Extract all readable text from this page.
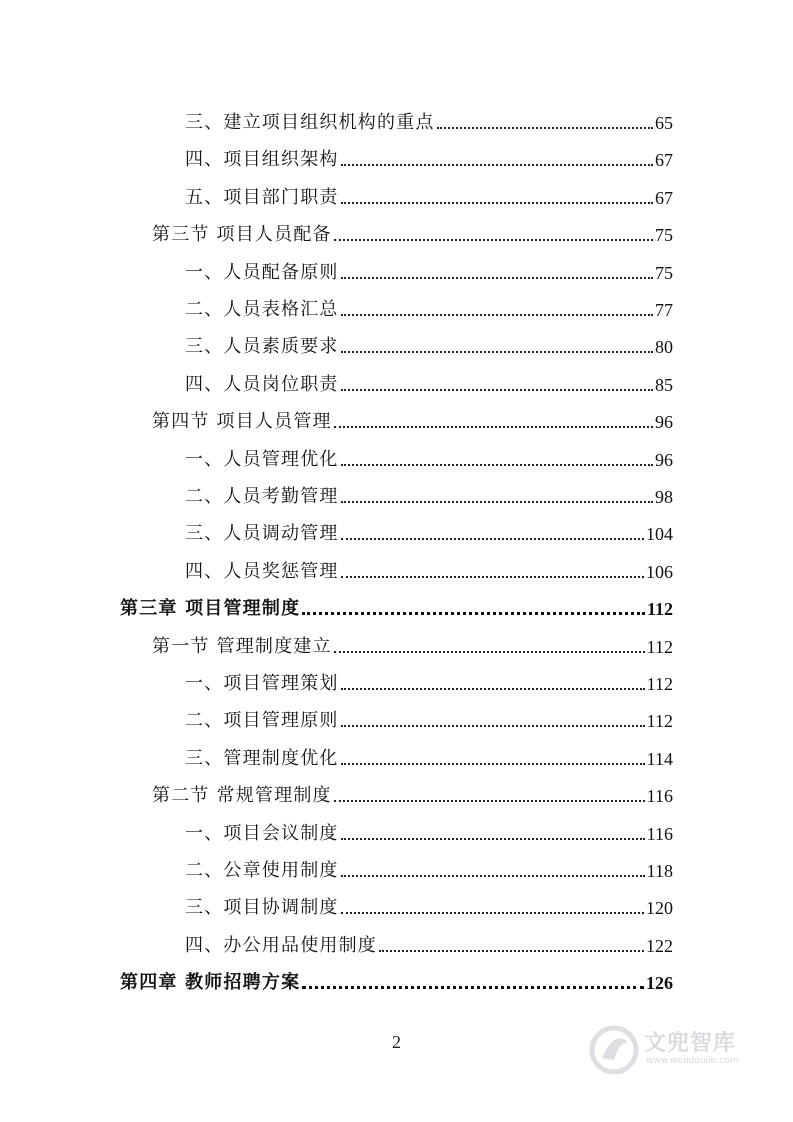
三、建立项目组织机构的重点	65
四、项目组织架构	67
五、项目部门职责	67
第三节 项目人员配备	75
一、人员配备原则	75
二、人员表格汇总	77
三、人员素质要求	80
四、人员岗位职责	85
第四节 项目人员管理	96
一、人员管理优化	96
二、人员考勤管理	98
三、人员调动管理	104
四、人员奖惩管理	106
第三章 项目管理制度	112
第一节 管理制度建立	112
一、项目管理策划	112
二、项目管理原则	112
三、管理制度优化	114
第二节 常规管理制度	116
一、项目会议制度	116
二、公章使用制度	118
三、项目协调制度	120
四、办公用品使用制度	122
第四章 教师招聘方案	126
2	文兜智库
www.wendoulib.com
